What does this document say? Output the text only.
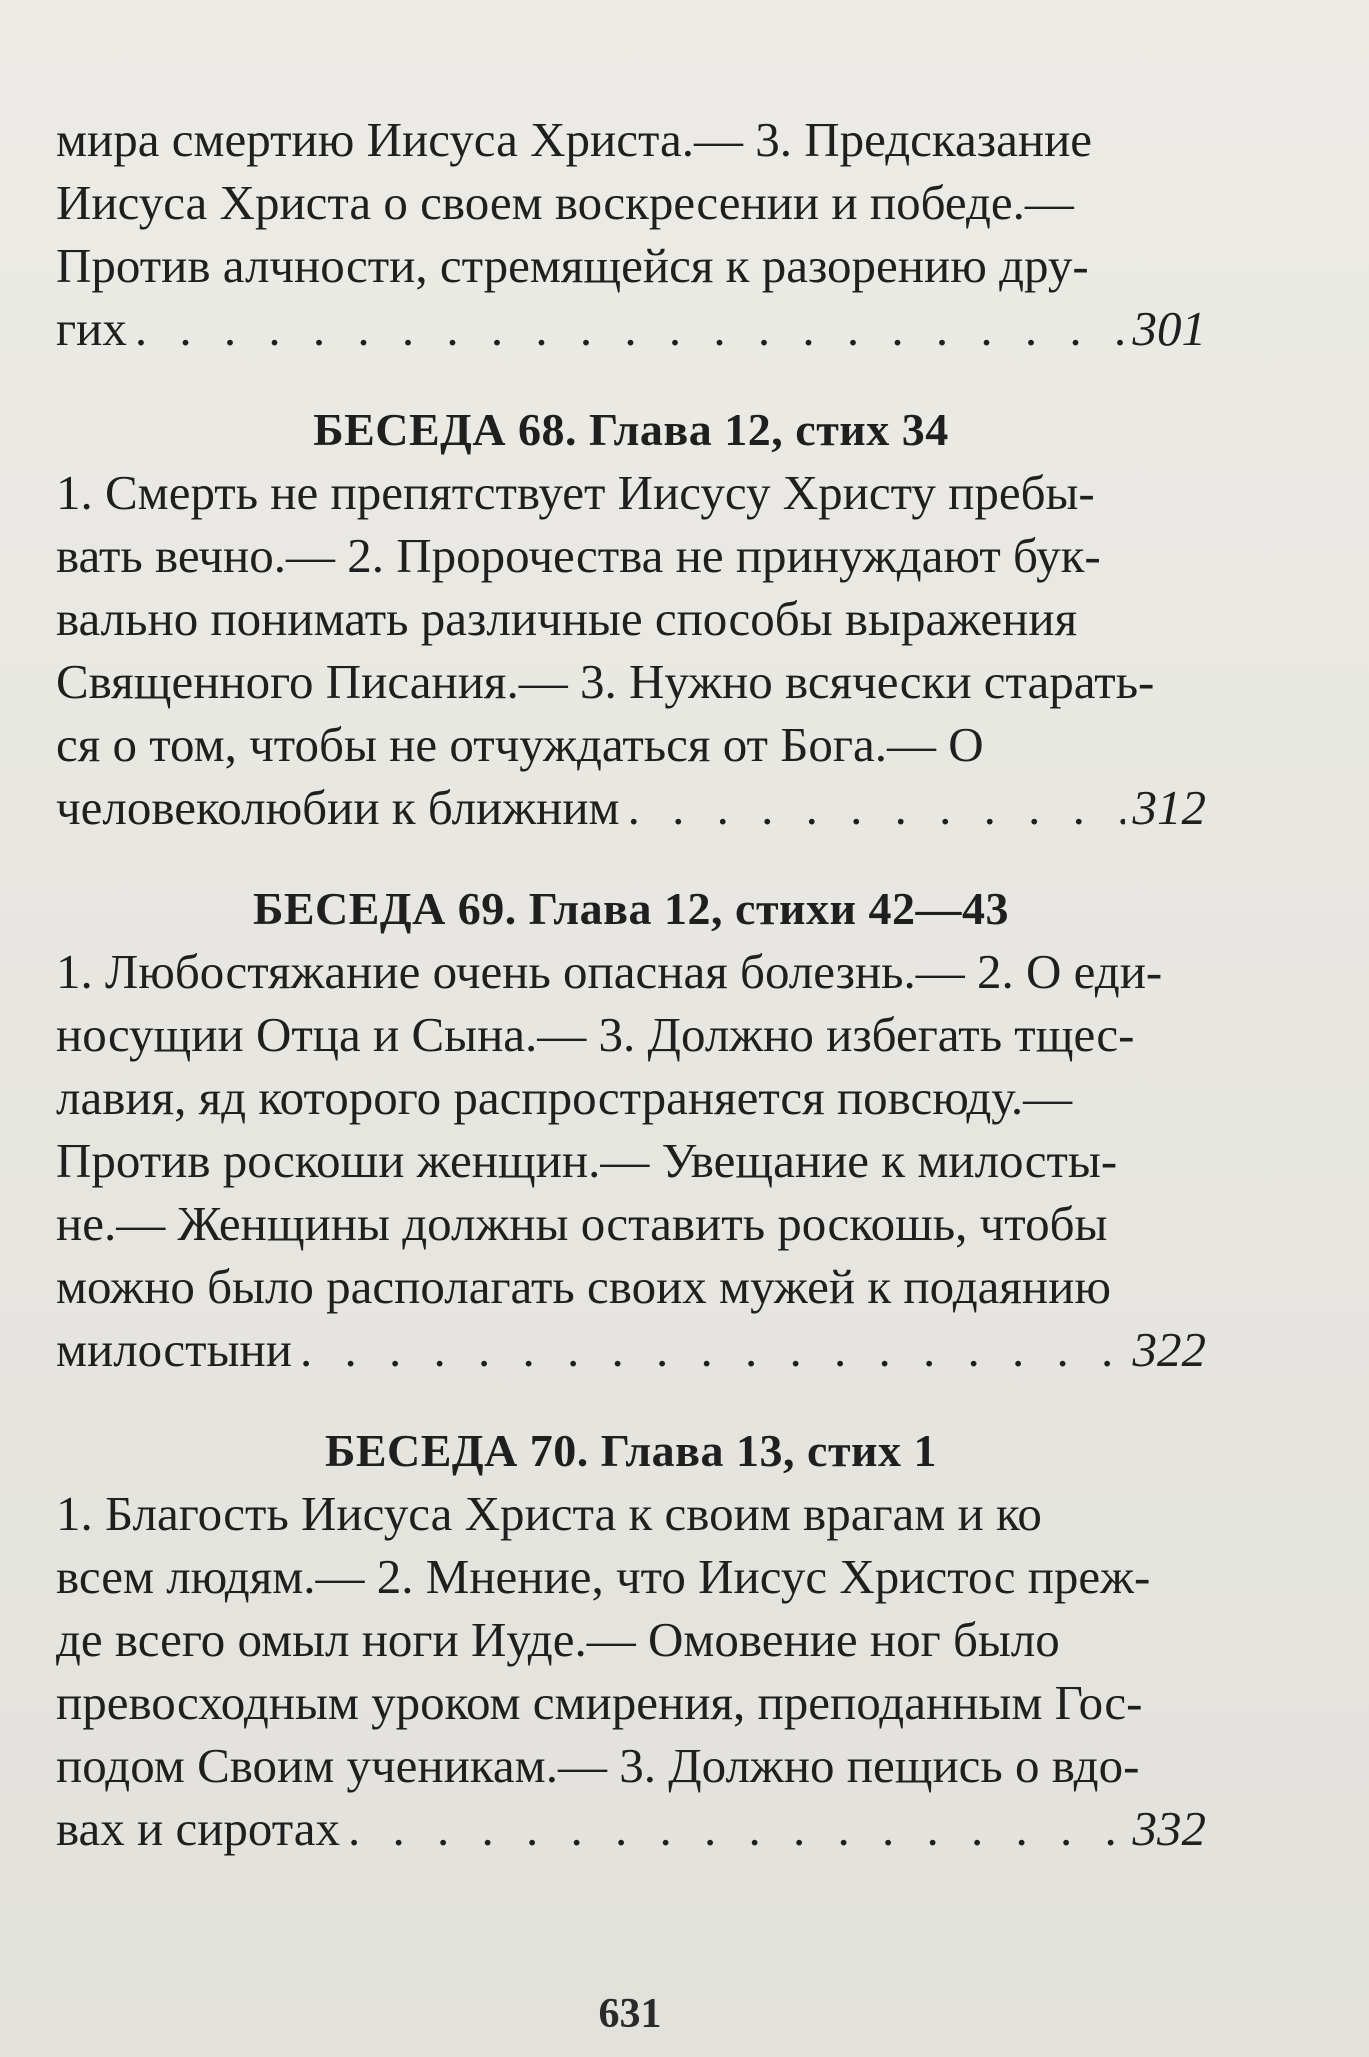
мира смертию Иисуса Христа.— 3. Предсказание
Иисуса Христа о своем воскресении и победе.—
Против алчности, стремящейся к разорению дру-
гих . . .	301

БЕСЕДА 68. Глава 12, стих 34

1. Смерть не препятствует Иисусу Христу пребы-
вать вечно.— 2. Пророчества не принуждают бук-
вально понимать различные способы выражения
Священного Писания.— 3. Нужно всячески старать-
ся о том, чтобы не отчуждаться от Бога.— О
человеколюбии к ближним . . .	312

БЕСЕДА 69. Глава 12, стихи 42—43

1. Любостяжание очень опасная болезнь.— 2. О еди-
носущии Отца и Сына.— 3. Должно избегать тщес-
лавия, яд которого распространяется повсюду.—
Против роскоши женщин.— Увещание к милосты-
не.— Женщины должны оставить роскошь, чтобы
можно было располагать своих мужей к подаянию
милостыни . . .	322

БЕСЕДА 70. Глава 13, стих 1

1. Благость Иисуса Христа к своим врагам и ко
всем людям.— 2. Мнение, что Иисус Христос преж-
де всего омыл ноги Иуде.— Омовение ног было
превосходным уроком смирения, преподанным Гос-
подом Своим ученикам.— 3. Должно пещись о вдо-
вах и сиротах . . .	332

631
